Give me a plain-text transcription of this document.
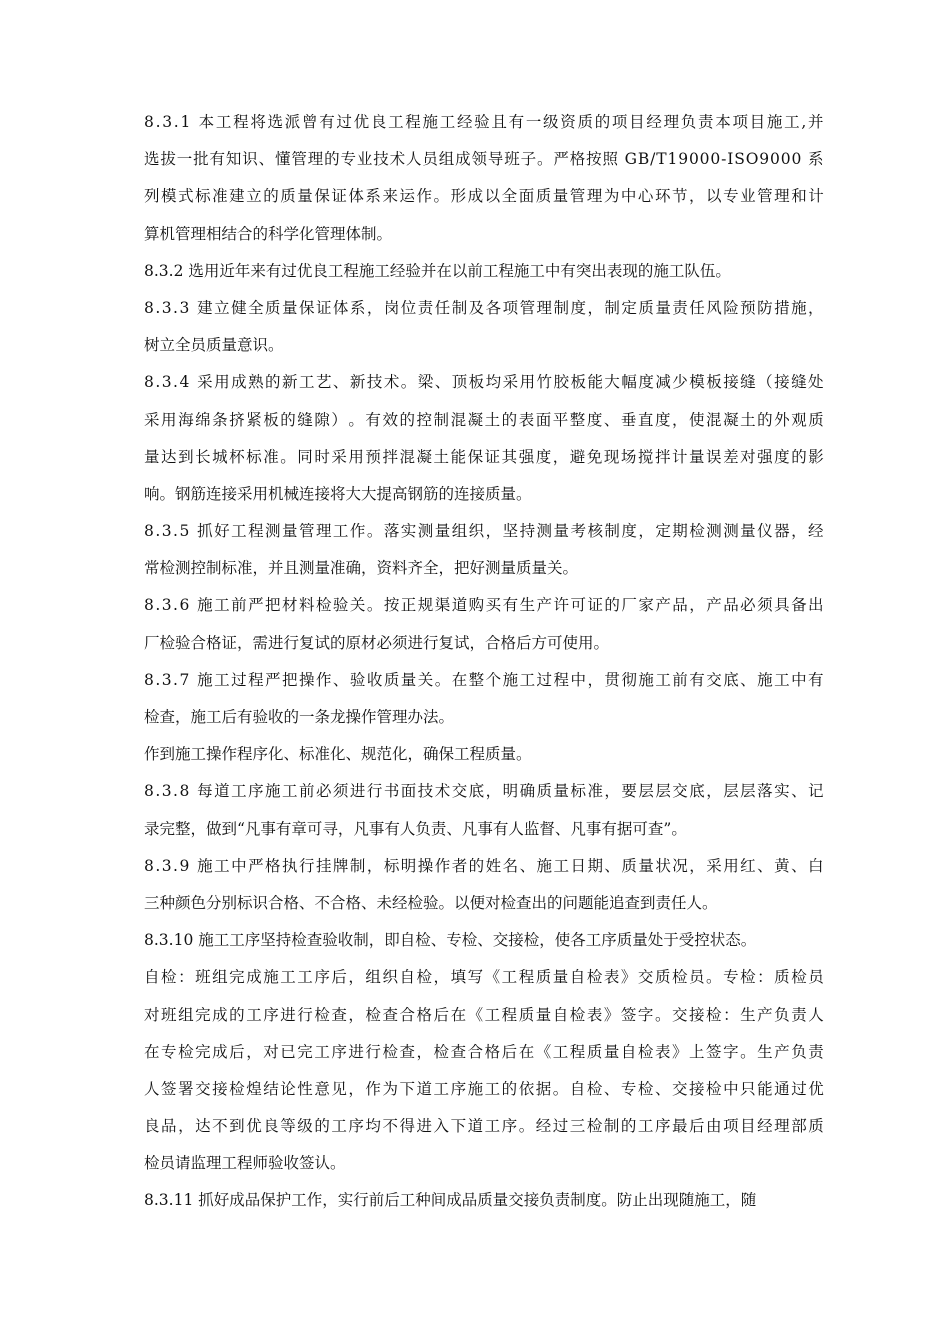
8 . 3 . 1
本 工 程 将 选 派 曾 有 过 优 良 工 程 施 工 经 验 且 有 一 级 资 质 的 项 目 经 理 负 责 本 项 目 施 工 , 并
选 拔 一 批 有 知 识 、 懂 管 理 的 专 业 技 术 人 员 组 成 领 导 班 子 。 严 格 按 照
G B / T 1 9 0 0 0 - I S O 9 0 0 0
系
列 模 式 标 准 建 立 的 质 量 保 证 体 系 来 运 作 。 形 成 以 全 面 质 量 管 理 为 中 心 环 节 ， 以 专 业 管 理 和 计
算机管理相结合的科学化管理体制。
8.3.2 选用近年来有过优良工程施工经验并在以前工程施工中有突出表现的施工队伍。
8 . 3 . 3
建 立 健 全 质 量 保 证 体 系 ， 岗 位 责 任 制 及 各 项 管 理 制 度 ， 制 定 质 量 责 任 风 险 预 防 措 施 ，
树立全员质量意识。
8 . 3 . 4
采 用 成 熟 的 新 工 艺 、 新 技 术 。 梁 、 顶 板 均 采 用 竹 胶 板 能 大 幅 度 减 少 模 板 接 缝 （ 接 缝 处
采 用 海 绵 条 挤 紧 板 的 缝 隙 ） 。 有 效 的 控 制 混 凝 土 的 表 面 平 整 度 、 垂 直 度 ， 使 混 凝 土 的 外 观 质
量 达 到 长 城 杯 标 准 。 同 时 采 用 预 拌 混 凝 土 能 保 证 其 强 度 ， 避 免 现 场 搅 拌 计 量 误 差 对 强 度 的 影
响。钢筋连接采用机械连接将大大提高钢筋的连接质量。
8 . 3 . 5
抓 好 工 程 测 量 管 理 工 作 。 落 实 测 量 组 织 ， 坚 持 测 量 考 核 制 度 ， 定 期 检 测 测 量 仪 器 ， 经
常检测控制标准，并且测量准确，资料齐全，把好测量质量关。
8 . 3 . 6
施 工 前 严 把 材 料 检 验 关 。 按 正 规 渠 道 购 买 有 生 产 许 可 证 的 厂 家 产 品 ， 产 品 必 须 具 备 出
厂检验合格证，需进行复试的原材必须进行复试，合格后方可使用。
8 . 3 . 7
施 工 过 程 严 把 操 作 、 验 收 质 量 关 。 在 整 个 施 工 过 程 中 ， 贯 彻 施 工 前 有 交 底 、 施 工 中 有
检查，施工后有验收的一条龙操作管理办法。
作到施工操作程序化、标准化、规范化，确保工程质量。
8 . 3 . 8
每 道 工 序 施 工 前 必 须 进 行 书 面 技 术 交 底 ， 明 确 质 量 标 准 ， 要 层 层 交 底 ， 层 层 落 实 、 记
录完整，做到“凡事有章可寻，凡事有人负责、凡事有人监督、凡事有据可查”。
8 . 3 . 9
施 工 中 严 格 执 行 挂 牌 制 ， 标 明 操 作 者 的 姓 名 、 施 工 日 期 、 质 量 状 况 ， 采 用 红 、 黄 、 白
三种颜色分别标识合格、不合格、未经检验。以便对检查出的问题能追查到责任人。
8.3.10 施工工序坚持检查验收制，即自检、专检、交接检，使各工序质量处于受控状态。
自 检 ： 班 组 完 成 施 工 工 序 后 ， 组 织 自 检 ， 填 写 《 工 程 质 量 自 检 表 》 交 质 检 员 。 专 检 ： 质 检 员
对 班 组 完 成 的 工 序 进 行 检 查 ， 检 查 合 格 后 在 《 工 程 质 量 自 检 表 》 签 字 。 交 接 检 ： 生 产 负 责 人
在 专 检 完 成 后 ， 对 已 完 工 序 进 行 检 查 ， 检 查 合 格 后 在 《 工 程 质 量 自 检 表 》 上 签 字 。 生 产 负 责
人 签 署 交 接 检 煌 结 论 性 意 见 ， 作 为 下 道 工 序 施 工 的 依 据 。 自 检 、 专 检 、 交 接 检 中 只 能 通 过 优
良 品 ， 达 不 到 优 良 等 级 的 工 序 均 不 得 进 入 下 道 工 序 。 经 过 三 检 制 的 工 序 最 后 由 项 目 经 理 部 质
检员请监理工程师验收签认。
8.3.11 抓好成品保护工作，实行前后工种间成品质量交接负责制度。防止出现随施工，随
